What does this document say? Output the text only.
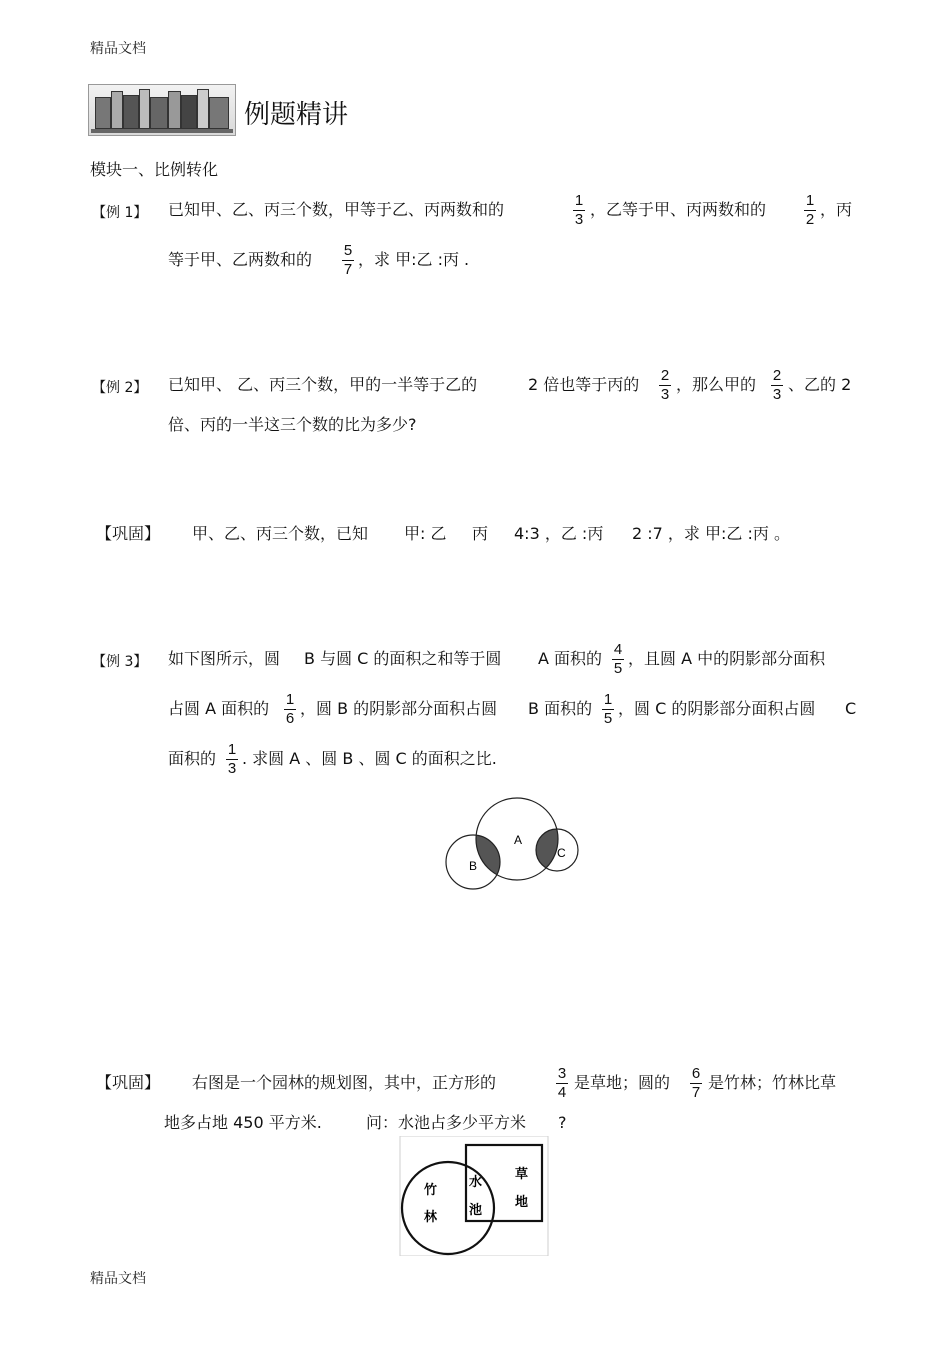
精品文档
例题精讲
模块一、比例转化
【例 1】 已知甲、乙、丙三个数，甲等于乙、丙两数和的	1
3
，乙等于甲、丙两数和的	1
2
，丙
等于甲、乙两数和的 5
7
，求 甲:乙 :丙 .
【例 2】 已知甲、 乙、丙三个数，甲的一半等于乙的	2 倍也等于丙的 2
3
，那么甲的 2
3
、乙的 2
倍、丙的一半这三个数的比为多少?
【巩固】 甲、乙、丙三个数，已知 甲: 乙 丙 4:3 ，乙 :丙 2 :7 ，求 甲:乙 :丙 。
【例 3】 如下图所示，圆 B 与圆 C 的面积之和等于圆 A 面积的 4
5
，且圆 A 中的阴影部分面积
占圆 A 面积的 1
6
，圆 B 的阴影部分面积占圆 B 面积的 1
5
，圆 C 的阴影部分面积占圆 C
面积的 1
3
. 求圆 A 、圆 B 、圆 C 的面积之比.
A
B
C
【巩固】 右图是一个园林的规划图，其中，正方形的	3
4
是草地；圆的 6
7
是竹林；竹林比草
地多占地 450 平方米.	问：水池占多少平方米 ?
竹
林
水
池
草
地
精品文档
